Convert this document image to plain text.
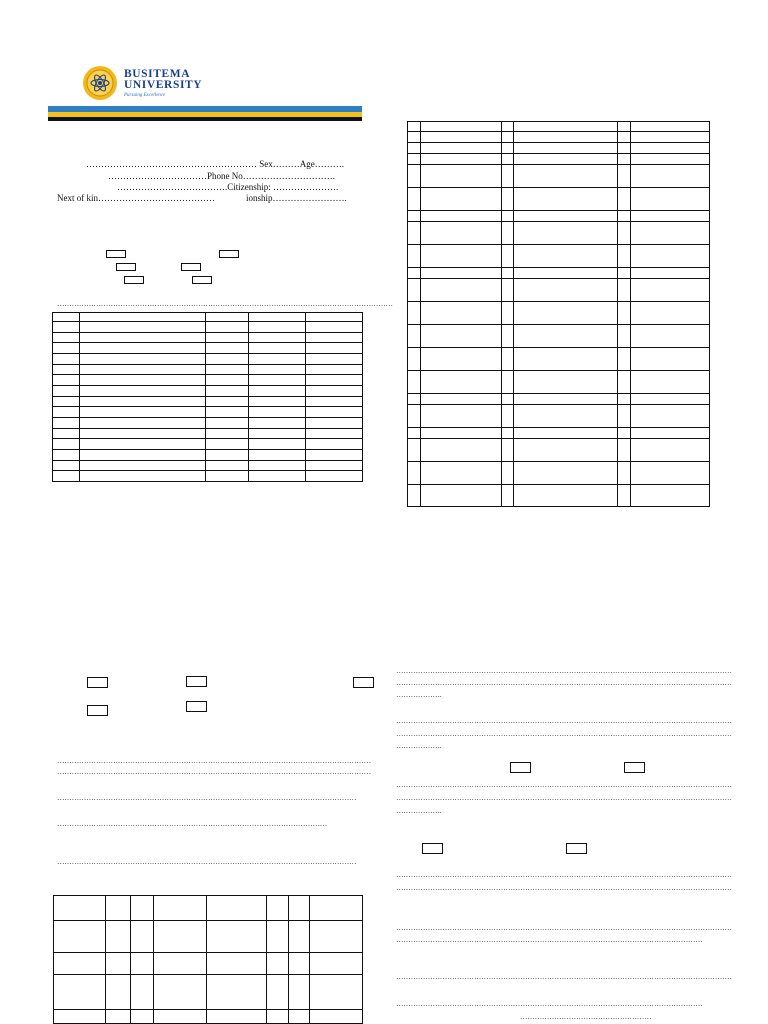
BUSITEMA
UNIVERSITY
Pursuing Excellence
………………………………………………… Sex………Age……….
……………………………Phone No………………………….
……………………………….Citizenship: ………………….
Next of kin…………………………………	ionship…………………….
…………………………………………………………………………………………………………………………

…………………………………………………………………………………………………………………
…………………………………………………………………………………………………………………
……………………………………………………………………………………………………………
…………………………………………………………………………………………………
……………………………………………………………………………………………………………

…………………………………………………………………………………………………………………………
…………………………………………………………………………………………………………………………
……………….
…………………………………………………………………………………………………………………………
…………………………………………………………………………………………………………………………
……………….
…………………………………………………………………………………………………………………………
…………………………………………………………………………………………………………………………
……………….
…………………………………………………………………………………………………………………………
…………………………………………………………………………………………………………………………
…………………………………………………………………………………………………………………………
………………………………………………………………………………………………………………
…………………………………………………………………………………………………………………………
………………………………………………………………………………………………………………
………………………………………………
